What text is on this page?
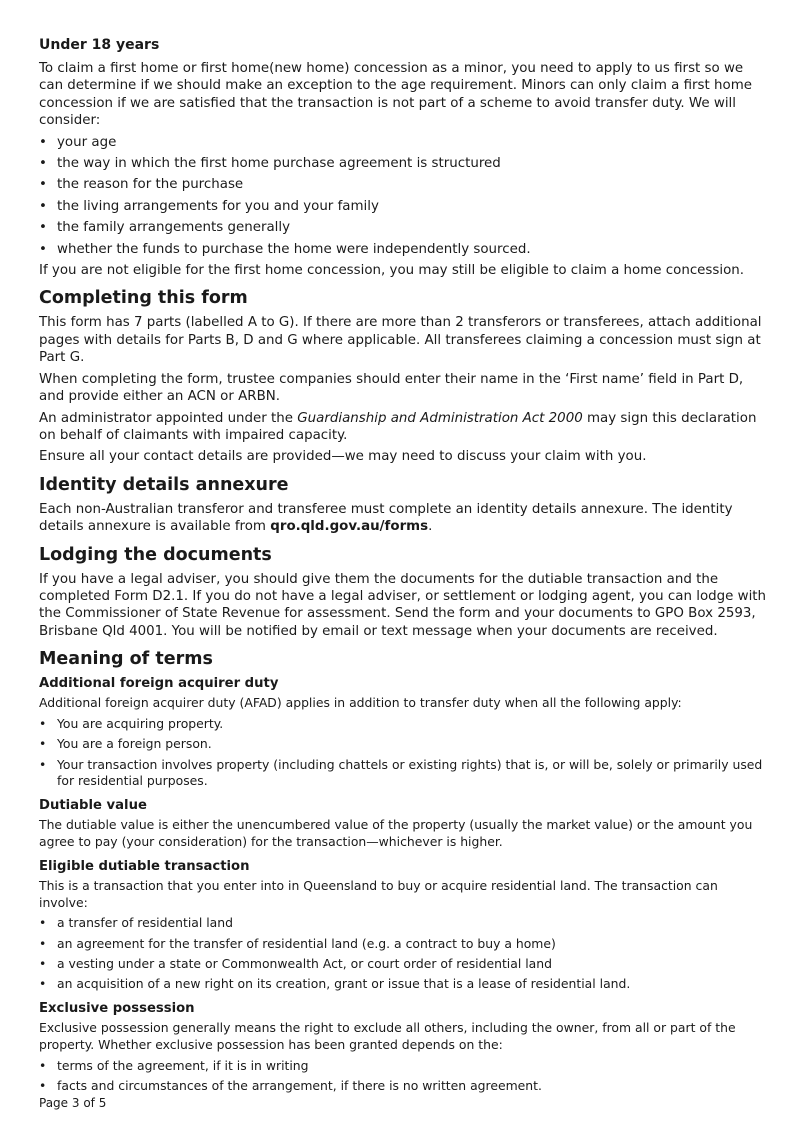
Under 18 years
To claim a first home or first home(new home) concession as a minor, you need to apply to us first so we can determine if we should make an exception to the age requirement. Minors can only claim a first home concession if we are satisfied that the transaction is not part of a scheme to avoid transfer duty. We will consider:
• your age
• the way in which the first home purchase agreement is structured
• the reason for the purchase
• the living arrangements for you and your family
• the family arrangements generally
• whether the funds to purchase the home were independently sourced.
If you are not eligible for the first home concession, you may still be eligible to claim a home concession.
Completing this form
This form has 7 parts (labelled A to G). If there are more than 2 transferors or transferees, attach additional pages with details for Parts B, D and G where applicable. All transferees claiming a concession must sign at Part G.
When completing the form, trustee companies should enter their name in the ‘First name’ field in Part D, and provide either an ACN or ARBN.
An administrator appointed under the Guardianship and Administration Act 2000 may sign this declaration on behalf of claimants with impaired capacity.
Ensure all your contact details are provided—we may need to discuss your claim with you.
Identity details annexure
Each non-Australian transferor and transferee must complete an identity details annexure. The identity details annexure is available from qro.qld.gov.au/forms.
Lodging the documents
If you have a legal adviser, you should give them the documents for the dutiable transaction and the completed Form D2.1. If you do not have a legal adviser, or settlement or lodging agent, you can lodge with the Commissioner of State Revenue for assessment. Send the form and your documents to GPO Box 2593, Brisbane Qld 4001. You will be notified by email or text message when your documents are received.
Meaning of terms
Additional foreign acquirer duty
Additional foreign acquirer duty (AFAD) applies in addition to transfer duty when all the following apply:
• You are acquiring property.
• You are a foreign person.
• Your transaction involves property (including chattels or existing rights) that is, or will be, solely or primarily used for residential purposes.
Dutiable value
The dutiable value is either the unencumbered value of the property (usually the market value) or the amount you agree to pay (your consideration) for the transaction—whichever is higher.
Eligible dutiable transaction
This is a transaction that you enter into in Queensland to buy or acquire residential land. The transaction can involve:
• a transfer of residential land
• an agreement for the transfer of residential land (e.g. a contract to buy a home)
• a vesting under a state or Commonwealth Act, or court order of residential land
• an acquisition of a new right on its creation, grant or issue that is a lease of residential land.
Exclusive possession
Exclusive possession generally means the right to exclude all others, including the owner, from all or part of the property. Whether exclusive possession has been granted depends on the:
• terms of the agreement, if it is in writing
• facts and circumstances of the arrangement, if there is no written agreement.
Page 3 of 5
